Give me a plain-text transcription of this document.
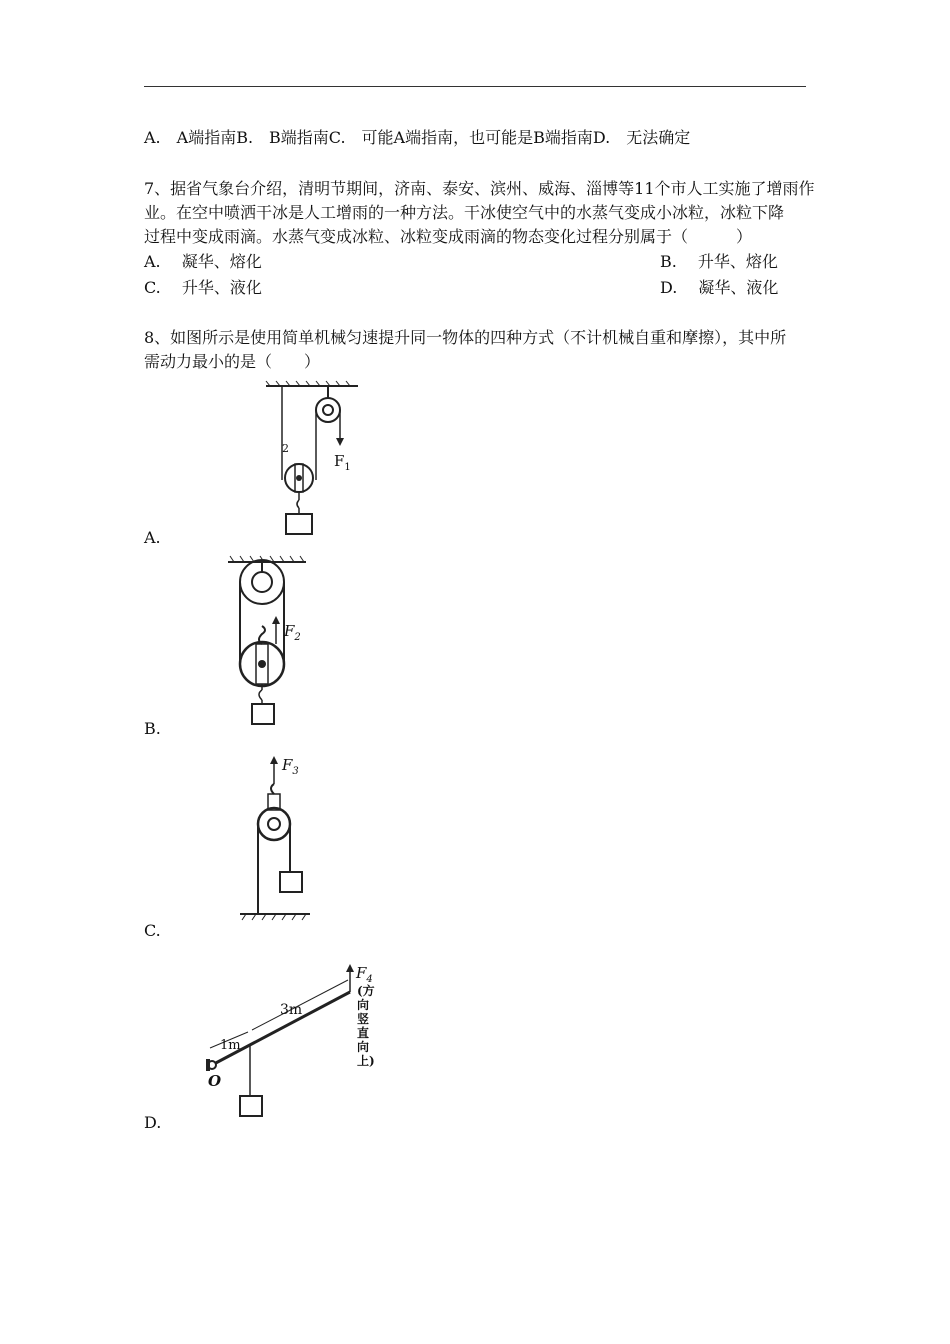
A.　A端指南B.　B端指南C.　可能A端指南，也可能是B端指南D.　无法确定
7、据省气象台介绍，清明节期间，济南、泰安、滨州、威海、淄博等11个市人工实施了增雨作
业。在空中喷洒干冰是人工增雨的一种方法。干冰使空气中的水蒸气变成小冰粒，冰粒下降
过程中变成雨滴。水蒸气变成冰粒、冰粒变成雨滴的物态变化过程分别属于（　　　）
A.　 凝华、熔化	B.　 升华、熔化
C.　 升华、液化	D.　 凝华、液化
8、如图所示是使用简单机械匀速提升同一物体的四种方式（不计机械自重和摩擦），其中所
需动力最小的是（　　）
A.
$F_1$
2
B.
$F_2$
C.
$F_3$
D.
3m
1m
O
$F_4$
(方向竖直向上)
